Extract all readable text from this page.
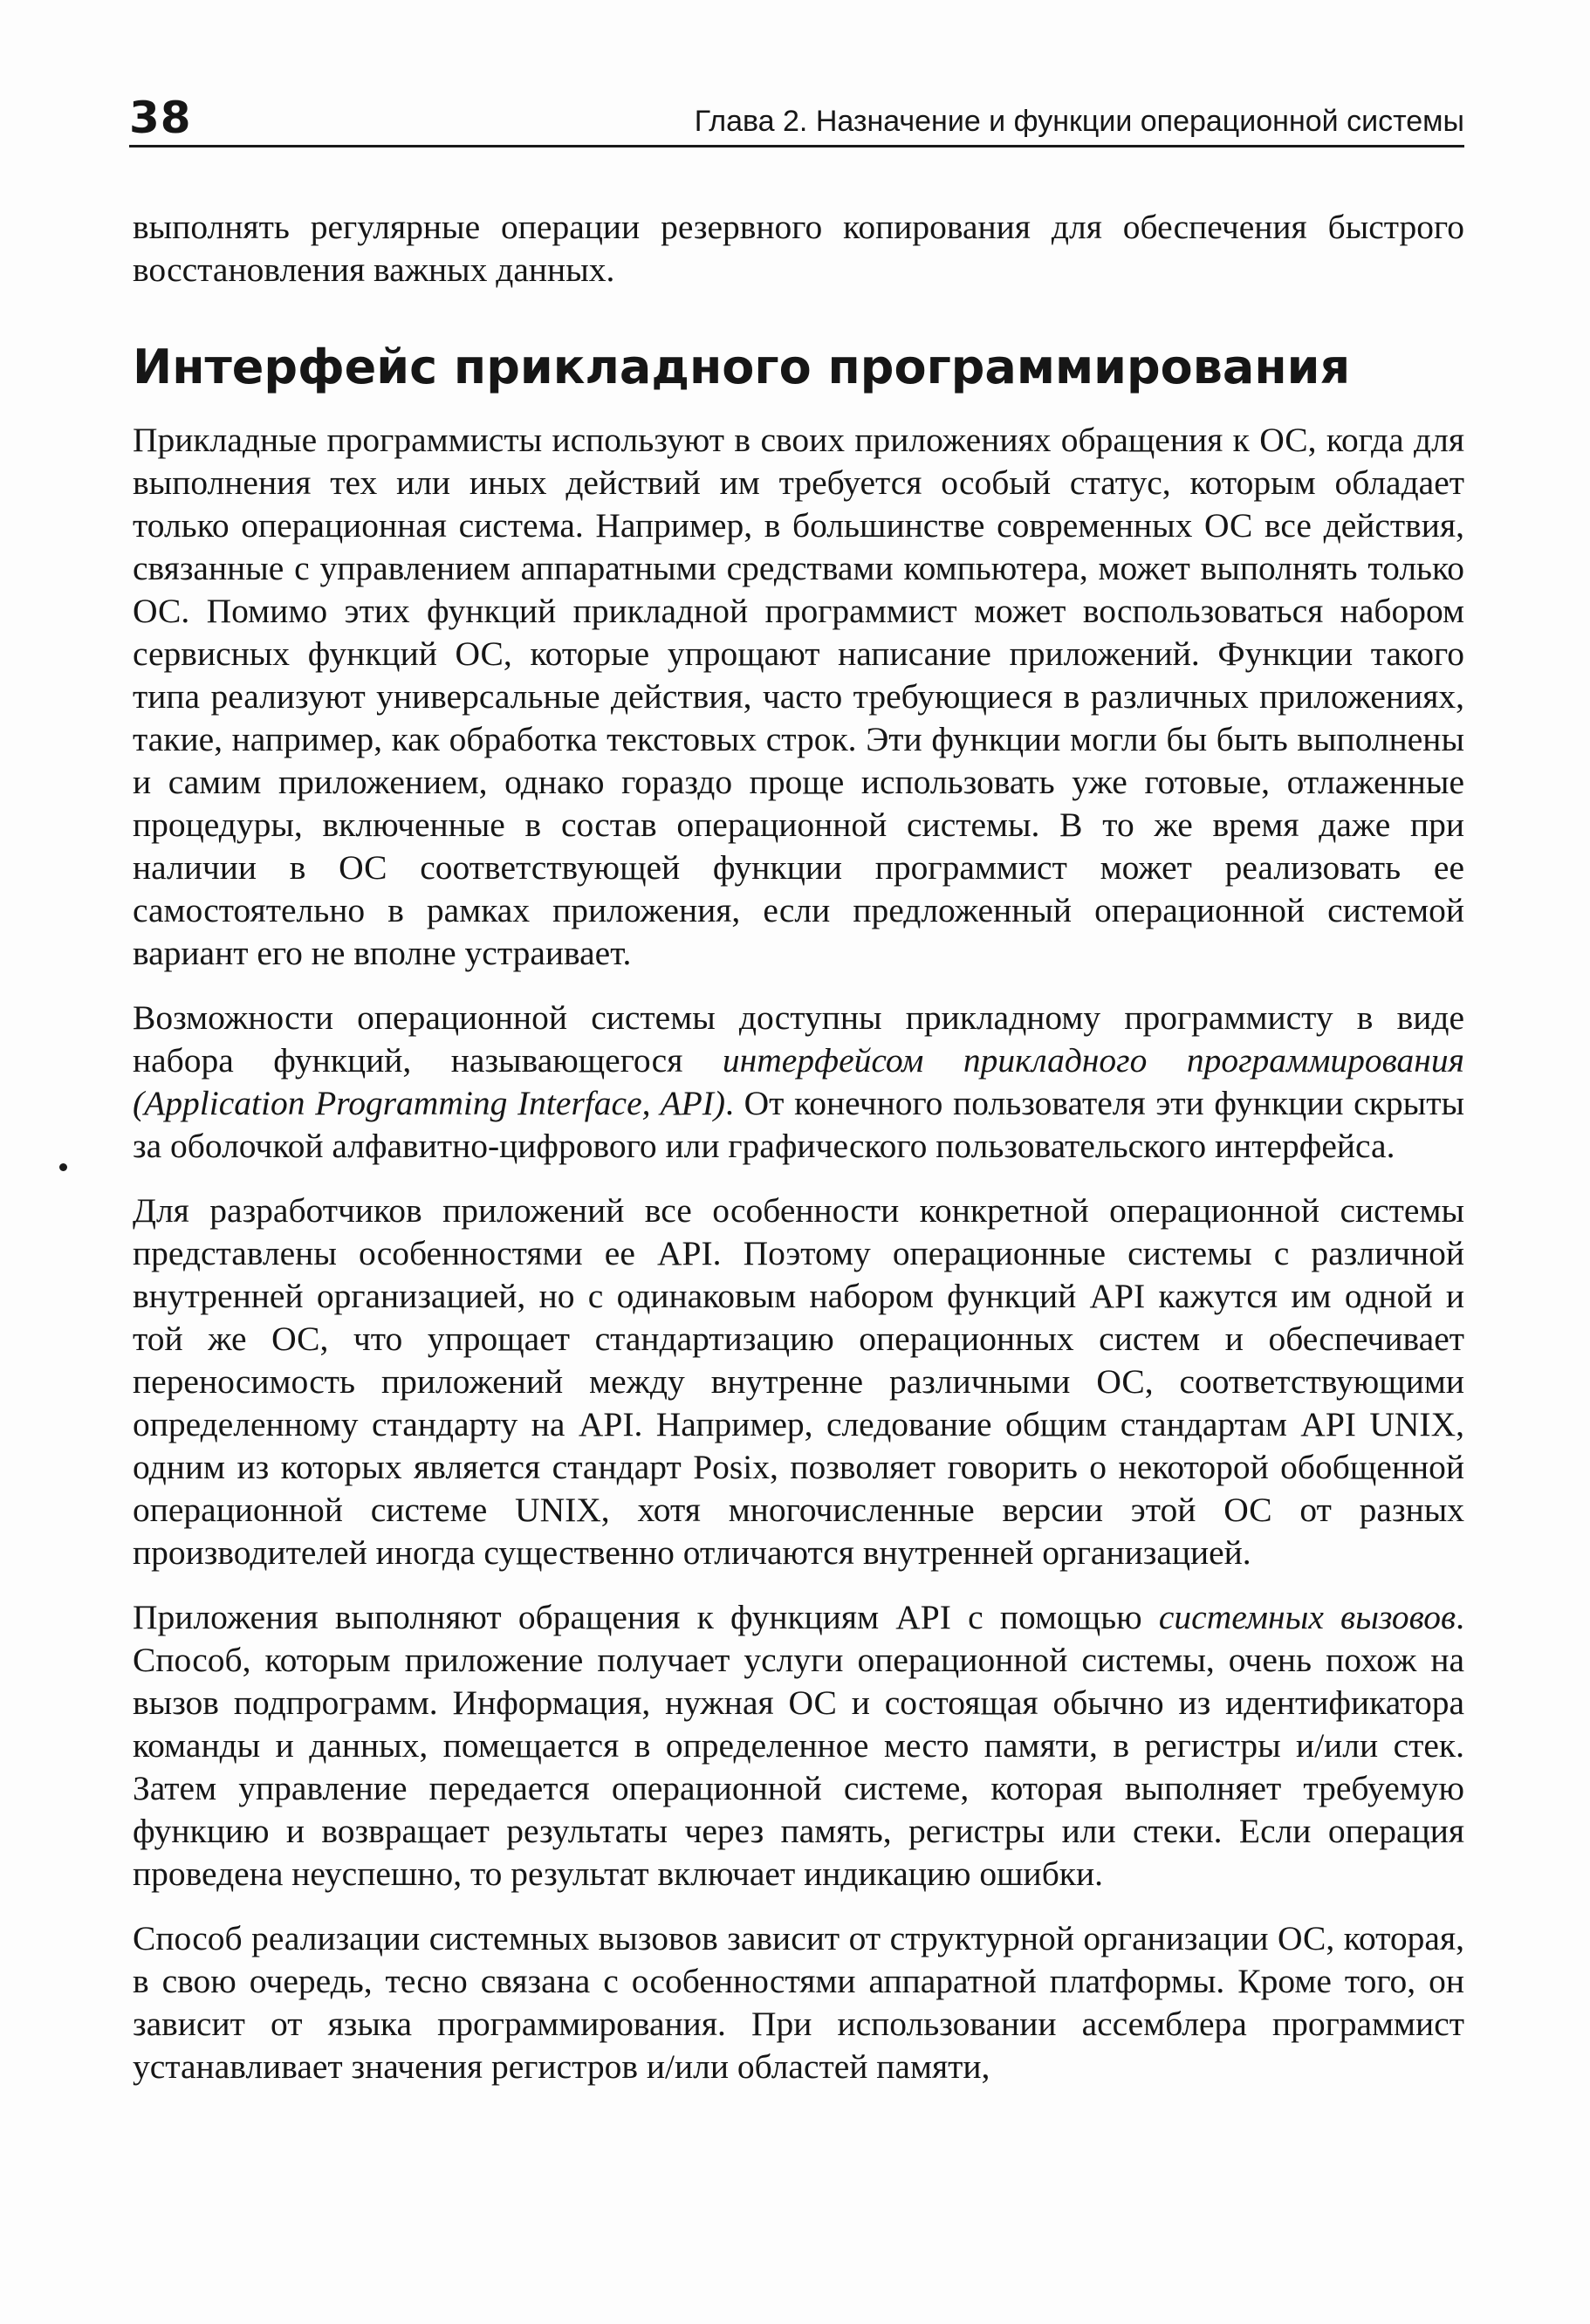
38	Глава 2. Назначение и функции операционной системы

выполнять регулярные операции резервного копирования для обеспечения быстрого восстановления важных данных.

Интерфейс прикладного программирования

Прикладные программисты используют в своих приложениях обращения к ОС, когда для выполнения тех или иных действий им требуется особый статус, которым обладает только операционная система. Например, в большинстве современных ОС все действия, связанные с управлением аппаратными средствами компьютера, может выполнять только ОС. Помимо этих функций прикладной программист может воспользоваться набором сервисных функций ОС, которые упрощают написание приложений. Функции такого типа реализуют универсальные действия, часто требующиеся в различных приложениях, такие, например, как обработка текстовых строк. Эти функции могли бы быть выполнены и самим приложением, однако гораздо проще использовать уже готовые, отлаженные процедуры, включенные в состав операционной системы. В то же время даже при наличии в ОС соответствующей функции программист может реализовать ее самостоятельно в рамках приложения, если предложенный операционной системой вариант его не вполне устраивает.

Возможности операционной системы доступны прикладному программисту в виде набора функций, называющегося интерфейсом прикладного программирования (Application Programming Interface, API). От конечного пользователя эти функции скрыты за оболочкой алфавитно-цифрового или графического пользовательского интерфейса.

Для разработчиков приложений все особенности конкретной операционной системы представлены особенностями ее API. Поэтому операционные системы с различной внутренней организацией, но с одинаковым набором функций API кажутся им одной и той же ОС, что упрощает стандартизацию операционных систем и обеспечивает переносимость приложений между внутренне различными ОС, соответствующими определенному стандарту на API. Например, следование общим стандартам API UNIX, одним из которых является стандарт Posix, позволяет говорить о некоторой обобщенной операционной системе UNIX, хотя многочисленные версии этой ОС от разных производителей иногда существенно отличаются внутренней организацией.

Приложения выполняют обращения к функциям API с помощью системных вызовов. Способ, которым приложение получает услуги операционной системы, очень похож на вызов подпрограмм. Информация, нужная ОС и состоящая обычно из идентификатора команды и данных, помещается в определенное место памяти, в регистры и/или стек. Затем управление передается операционной системе, которая выполняет требуемую функцию и возвращает результаты через память, регистры или стеки. Если операция проведена неуспешно, то результат включает индикацию ошибки.

Способ реализации системных вызовов зависит от структурной организации ОС, которая, в свою очередь, тесно связана с особенностями аппаратной платформы. Кроме того, он зависит от языка программирования. При использовании ассемблера программист устанавливает значения регистров и/или областей памяти,
